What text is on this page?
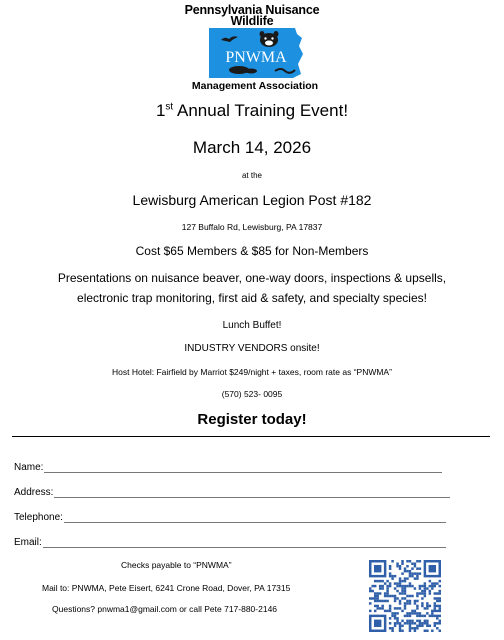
Pennsylvania Nuisance
Wildlife
PNWMA
Management Association
1st Annual Training Event!
March 14, 2026
at the
Lewisburg American Legion Post #182
127 Buffalo Rd, Lewisburg, PA 17837
Cost $65 Members & $85 for Non-Members
Presentations on nuisance beaver, one-way doors, inspections & upsells,
electronic trap monitoring, first aid & safety, and specialty species!
Lunch Buffet!
INDUSTRY VENDORS onsite!
Host Hotel: Fairfield by Marriot $249/night + taxes, room rate as “PNWMA”
(570) 523- 0095
Register today!
Name:
Address:
Telephone:
Email:
Checks payable to “PNWMA”
Mail to: PNWMA, Pete Eisert, 6241 Crone Road, Dover, PA 17315
Questions? pnwma1@gmail.com or call Pete 717-880-2146
